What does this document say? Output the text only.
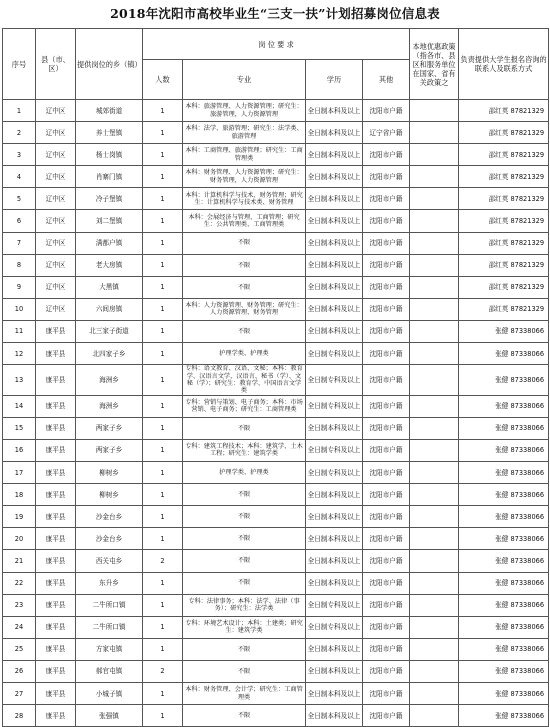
2018年沈阳市高校毕业生“三支一扶”计划招募岗位信息表
序号	县（市、区）	提供岗位的乡（镇）	岗 位 要 求				本地优惠政策（指各市、县区和服务单位在国家、省有关政策之	负责提供大学生报名咨询的联系人及联系方式
			人数	专业	学历	其他		
1	辽中区	城郊街道	1	本科：旅游管理、人力资源管理；研究生：旅游管理，人力资源管理	全日制本科及以上	沈阳市户籍		邵红英 87821329
2	辽中区	养士堡镇	1	本科：法学、旅游管理；研究生：法学类、旅游管理	全日制本科及以上	辽宁省户籍		邵红英 87821329
3	辽中区	杨士岗镇	1	本科：工商管理、旅游管理；研究生：工商管理类	全日制本科及以上	沈阳市户籍		邵红英 87821329
4	辽中区	肖寨门镇	1	本科：财务管理、人力资源管理；研究生：财务管理，人力资源管理	全日制本科及以上	沈阳市户籍		邵红英 87821329
5	辽中区	冷子堡镇	1	本科：计算机科学与技术、财务管理；研究生：计算机科学与技术类、财务管理	全日制本科及以上	沈阳市户籍		邵红英 87821329
6	辽中区	刘二堡镇	1	本科：会展经济与管理、工商管理；研究生：公共管理类、工商管理类	全日制本科及以上	沈阳市户籍		邵红英 87821329
7	辽中区	满都户镇	1	不限	全日制本科及以上	沈阳市户籍		邵红英 87821329
8	辽中区	老大房镇	1	不限	全日制本科及以上	沈阳市户籍		邵红英 87821329
9	辽中区	大黑镇	1	不限	全日制本科及以上	沈阳市户籍		邵红英 87821329
10	辽中区	六间房镇	1	本科：人力资源管理、财务管理；研究生：人力资源管理、财务管理	全日制本科及以上	沈阳市户籍		邵红英 87821329
11	康平县	北三家子街道	1	不限	全日制本科及以上	沈阳市户籍		张健 87338066
12	康平县	北四家子乡	1	护理学类、护理类	全日制专科及以上	沈阳市户籍		张健 87338066
13	康平县	海洲乡	1	专科：语文教育、汉语、文秘；本科：教育学、汉语言文学、汉语言、秘书（学）、文秘（学）；研究生：教育学、中国语言文学类	全日制专科及以上	沈阳市户籍		张健 87338066
14	康平县	海洲乡	1	专科：营销与策划、电子商务；本科：市场营销、电子商务；研究生：工商管理类	全日制专科及以上	沈阳市户籍		张健 87338066
15	康平县	两家子乡	1	不限	全日制本科及以上	沈阳市户籍		张健 87338066
16	康平县	两家子乡	1	专科：建筑工程技术；本科：建筑学、土木工程；研究生：建筑学类	全日制专科及以上	沈阳市户籍		张健 87338066
17	康平县	柳树乡	1	护理学类、护理类	全日制专科及以上	沈阳市户籍		张健 87338066
18	康平县	柳树乡	1	不限	全日制本科及以上	沈阳市户籍		张健 87338066
19	康平县	沙金台乡	1	不限	全日制本科及以上	沈阳市户籍		张健 87338066
20	康平县	沙金台乡	1	不限	全日制本科及以上	沈阳市户籍		张健 87338066
21	康平县	西关屯乡	2	不限	全日制本科及以上	沈阳市户籍		张健 87338066
22	康平县	东升乡	1	不限	全日制本科及以上	沈阳市户籍		张健 87338066
23	康平县	二牛所口镇	1	专科：法律事务；本科：法学、法律（事务）；研究生：法学类	全日制专科及以上	沈阳市户籍		张健 87338066
24	康平县	二牛所口镇	1	专科：环境艺术设计；本科：土建类；研究生：建筑学类	全日制专科及以上	沈阳市户籍		张健 87338066
25	康平县	方家屯镇	1	不限	全日制本科及以上	沈阳市户籍		张健 87338066
26	康平县	郝官屯镇	2	不限	全日制本科及以上	沈阳市户籍		张健 87338066
27	康平县	小城子镇	1	本科：财务管理、会计学；研究生：工商管理类	全日制本科及以上	沈阳市户籍		张健 87338066
28	康平县	张强镇	1	不限	全日制本科及以上	沈阳市户籍		张健 87338066
